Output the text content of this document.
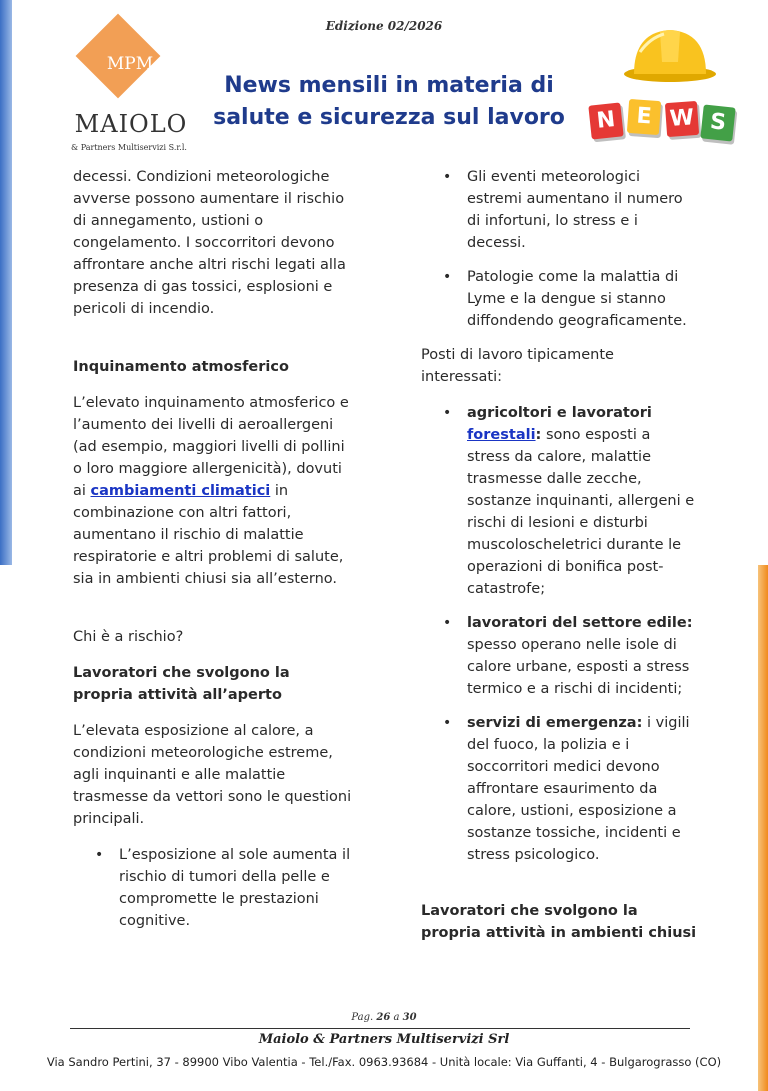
Edizione 02/2026
MPM
MAIOLO
& Partners Multiservizi S.r.l.
News mensili in materia di
salute e sicurezza sul lavoro	N E W S

decessi. Condizioni meteorologiche avverse possono aumentare il rischio di annegamento, ustioni o congelamento. I soccorritori devono affrontare anche altri rischi legati alla presenza di gas tossici, esplosioni e pericoli di incendio.

Inquinamento atmosferico

L’elevato inquinamento atmosferico e l’aumento dei livelli di aeroallergeni (ad esempio, maggiori livelli di pollini o loro maggiore allergenicità), dovuti ai cambiamenti climatici in combinazione con altri fattori, aumentano il rischio di malattie respiratorie e altri problemi di salute, sia in ambienti chiusi sia all’esterno.

Chi è a rischio?

Lavoratori che svolgono la propria attività all’aperto

L’elevata esposizione al calore, a condizioni meteorologiche estreme, agli inquinanti e alle malattie trasmesse da vettori sono le questioni principali.

• L’esposizione al sole aumenta il rischio di tumori della pelle e compromette le prestazioni cognitive.
• Gli eventi meteorologici estremi aumentano il numero di infortuni, lo stress e i decessi.
• Patologie come la malattia di Lyme e la dengue si stanno diffondendo geograficamente.

Posti di lavoro tipicamente interessati:

• agricoltori e lavoratori forestali: sono esposti a stress da calore, malattie trasmesse dalle zecche, sostanze inquinanti, allergeni e rischi di lesioni e disturbi muscoloscheletrici durante le operazioni di bonifica post-catastrofe;
• lavoratori del settore edile: spesso operano nelle isole di calore urbane, esposti a stress termico e a rischi di incidenti;
• servizi di emergenza: i vigili del fuoco, la polizia e i soccorritori medici devono affrontare esaurimento da calore, ustioni, esposizione a sostanze tossiche, incidenti e stress psicologico.

Lavoratori che svolgono la propria attività in ambienti chiusi

Pag. 26 a 30
Maiolo & Partners Multiservizi Srl
Via Sandro Pertini, 37 - 89900 Vibo Valentia - Tel./Fax. 0963.93684 - Unità locale: Via Guffanti, 4 - Bulgarograsso (CO)
